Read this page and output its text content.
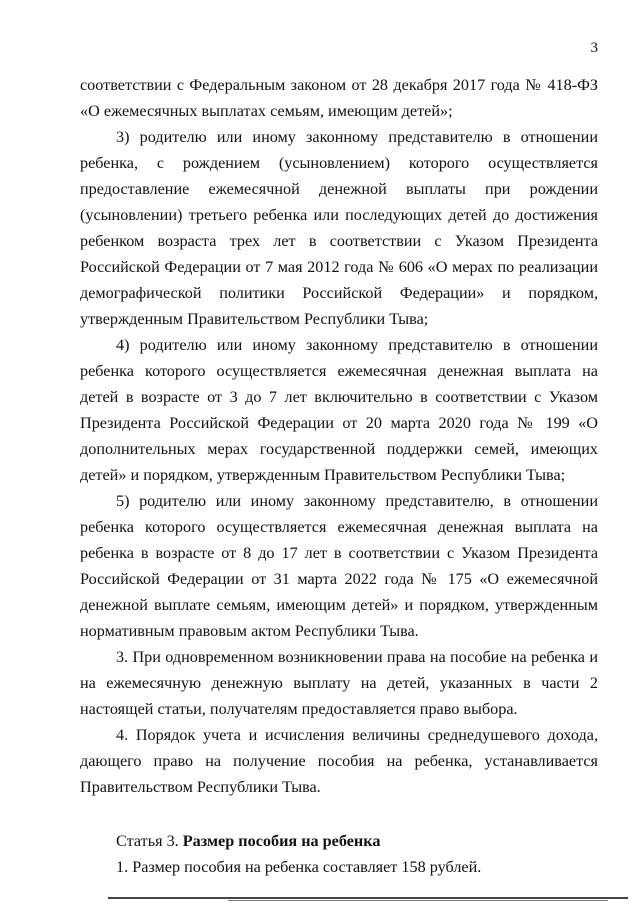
3

соответствии с Федеральным законом от 28 декабря 2017 года № 418-ФЗ «О ежемесячных выплатах семьям, имеющим детей»;

3) родителю или иному законному представителю в отношении ребенка, с рождением (усыновлением) которого осуществляется предоставление ежемесячной денежной выплаты при рождении (усыновлении) третьего ребенка или последующих детей до достижения ребенком возраста трех лет в соответствии с Указом Президента Российской Федерации от 7 мая 2012 года № 606 «О мерах по реализации демографической политики Российской Федерации» и порядком, утвержденным Правительством Республики Тыва;

4) родителю или иному законному представителю в отношении ребенка которого осуществляется ежемесячная денежная выплата на детей в возрасте от 3 до 7 лет включительно в соответствии с Указом Президента Российской Федерации от 20 марта 2020 года № 199 «О дополнительных мерах государственной поддержки семей, имеющих детей» и порядком, утвержденным Правительством Республики Тыва;

5) родителю или иному законному представителю, в отношении ребенка которого осуществляется ежемесячная денежная выплата на ребенка в возрасте от 8 до 17 лет в соответствии с Указом Президента Российской Федерации от 31 марта 2022 года № 175 «О ежемесячной денежной выплате семьям, имеющим детей» и порядком, утвержденным нормативным правовым актом Республики Тыва.

3. При одновременном возникновении права на пособие на ребенка и на ежемесячную денежную выплату на детей, указанных в части 2 настоящей статьи, получателям предоставляется право выбора.

4. Порядок учета и исчисления величины среднедушевого дохода, дающего право на получение пособия на ребенка, устанавливается Правительством Республики Тыва.

Статья 3. Размер пособия на ребенка

1. Размер пособия на ребенка составляет 158 рублей.
